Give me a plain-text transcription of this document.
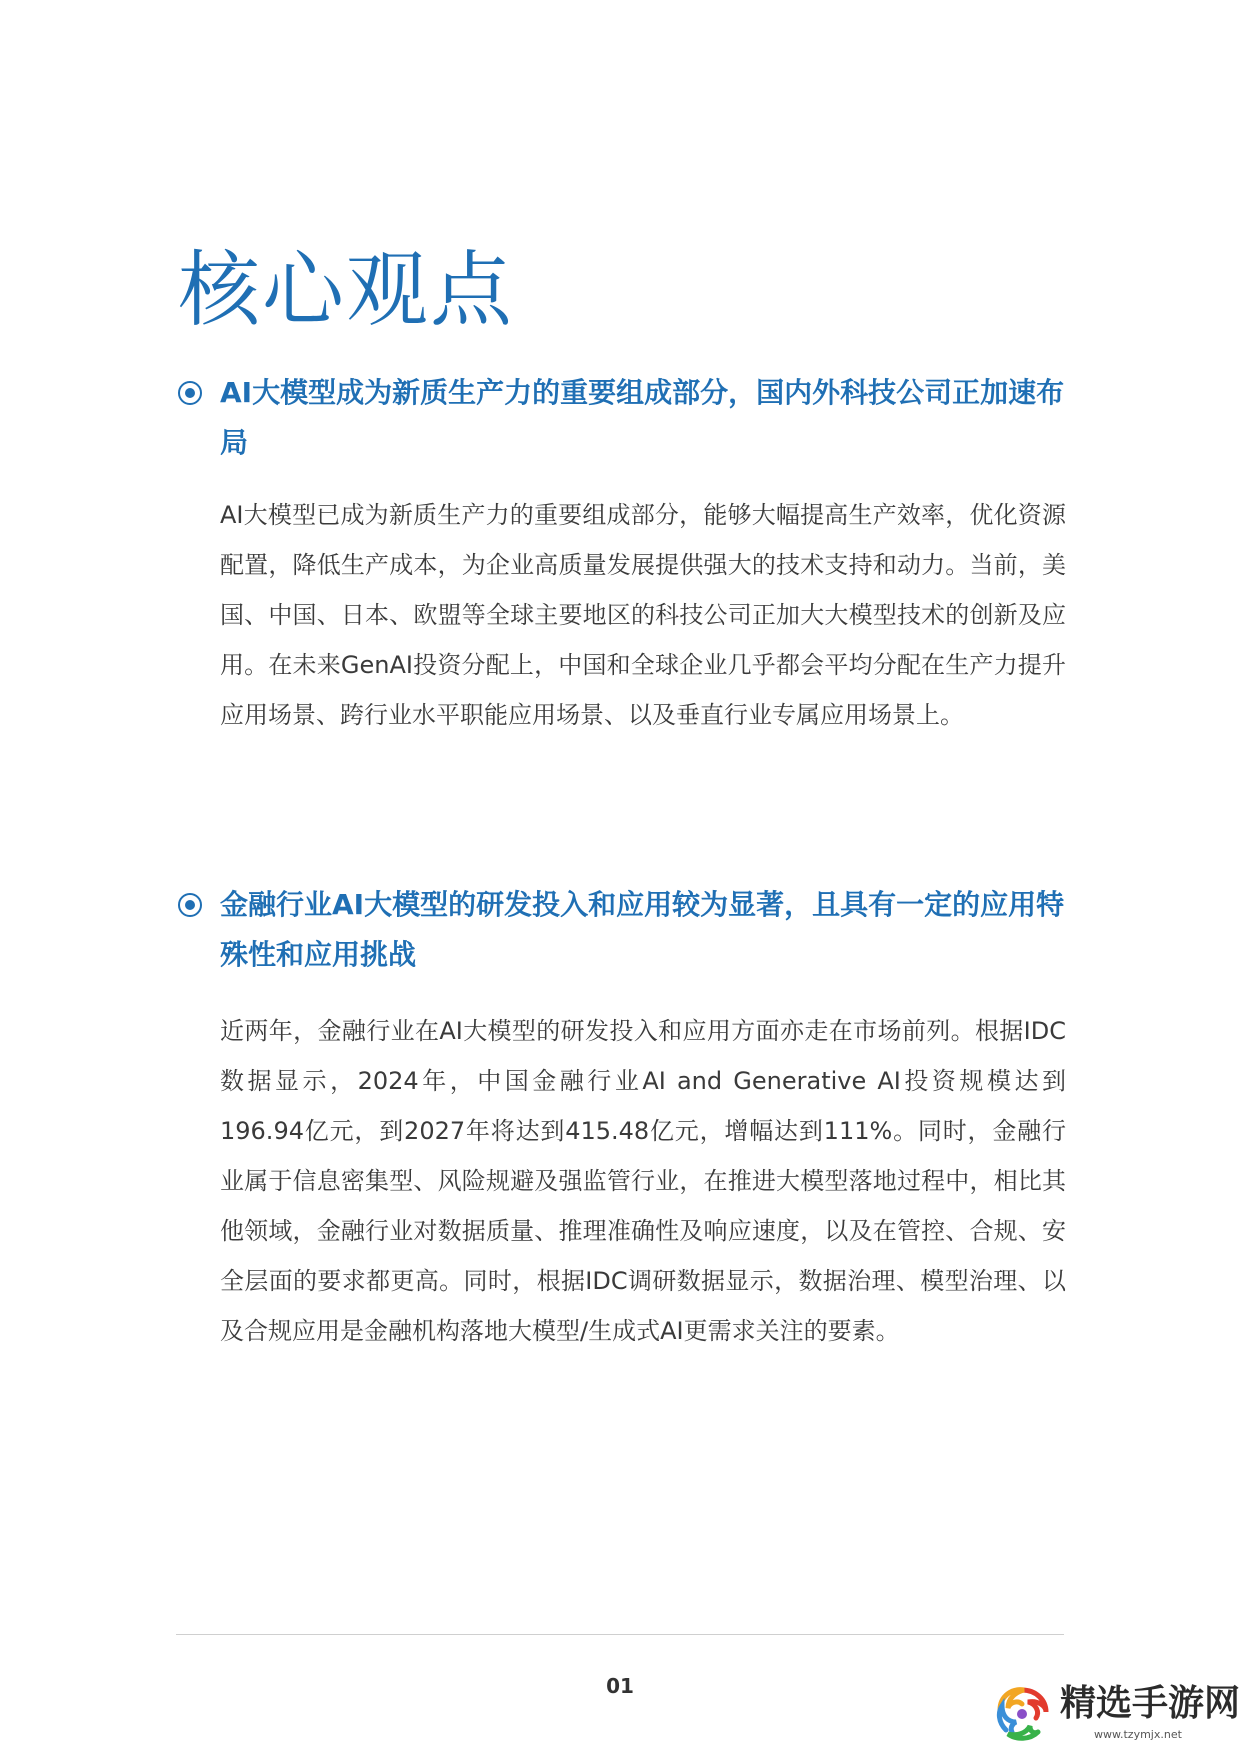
核心观点
AI大模型成为新质生产力的重要组成部分，国内外科技公司正加速布局

AI大模型已成为新质生产力的重要组成部分，能够大幅提高生产效率，优化资源配置，降低生产成本，为企业高质量发展提供强大的技术支持和动力。当前，美国、中国、日本、欧盟等全球主要地区的科技公司正加大大模型技术的创新及应用。在未来GenAI投资分配上，中国和全球企业几乎都会平均分配在生产力提升应用场景、跨行业水平职能应用场景、以及垂直行业专属应用场景上。

金融行业AI大模型的研发投入和应用较为显著，且具有一定的应用特殊性和应用挑战

近两年，金融行业在AI大模型的研发投入和应用方面亦走在市场前列。根据IDC数据显示，2024年，中国金融行业AI and Generative AI投资规模达到196.94亿元，到2027年将达到415.48亿元，增幅达到111%。同时，金融行业属于信息密集型、风险规避及强监管行业，在推进大模型落地过程中，相比其他领域，金融行业对数据质量、推理准确性及响应速度，以及在管控、合规、安全层面的要求都更高。同时，根据IDC调研数据显示，数据治理、模型治理、以及合规应用是金融机构落地大模型/生成式AI更需求关注的要素。

01	精选手游网
www.tzymjx.net
